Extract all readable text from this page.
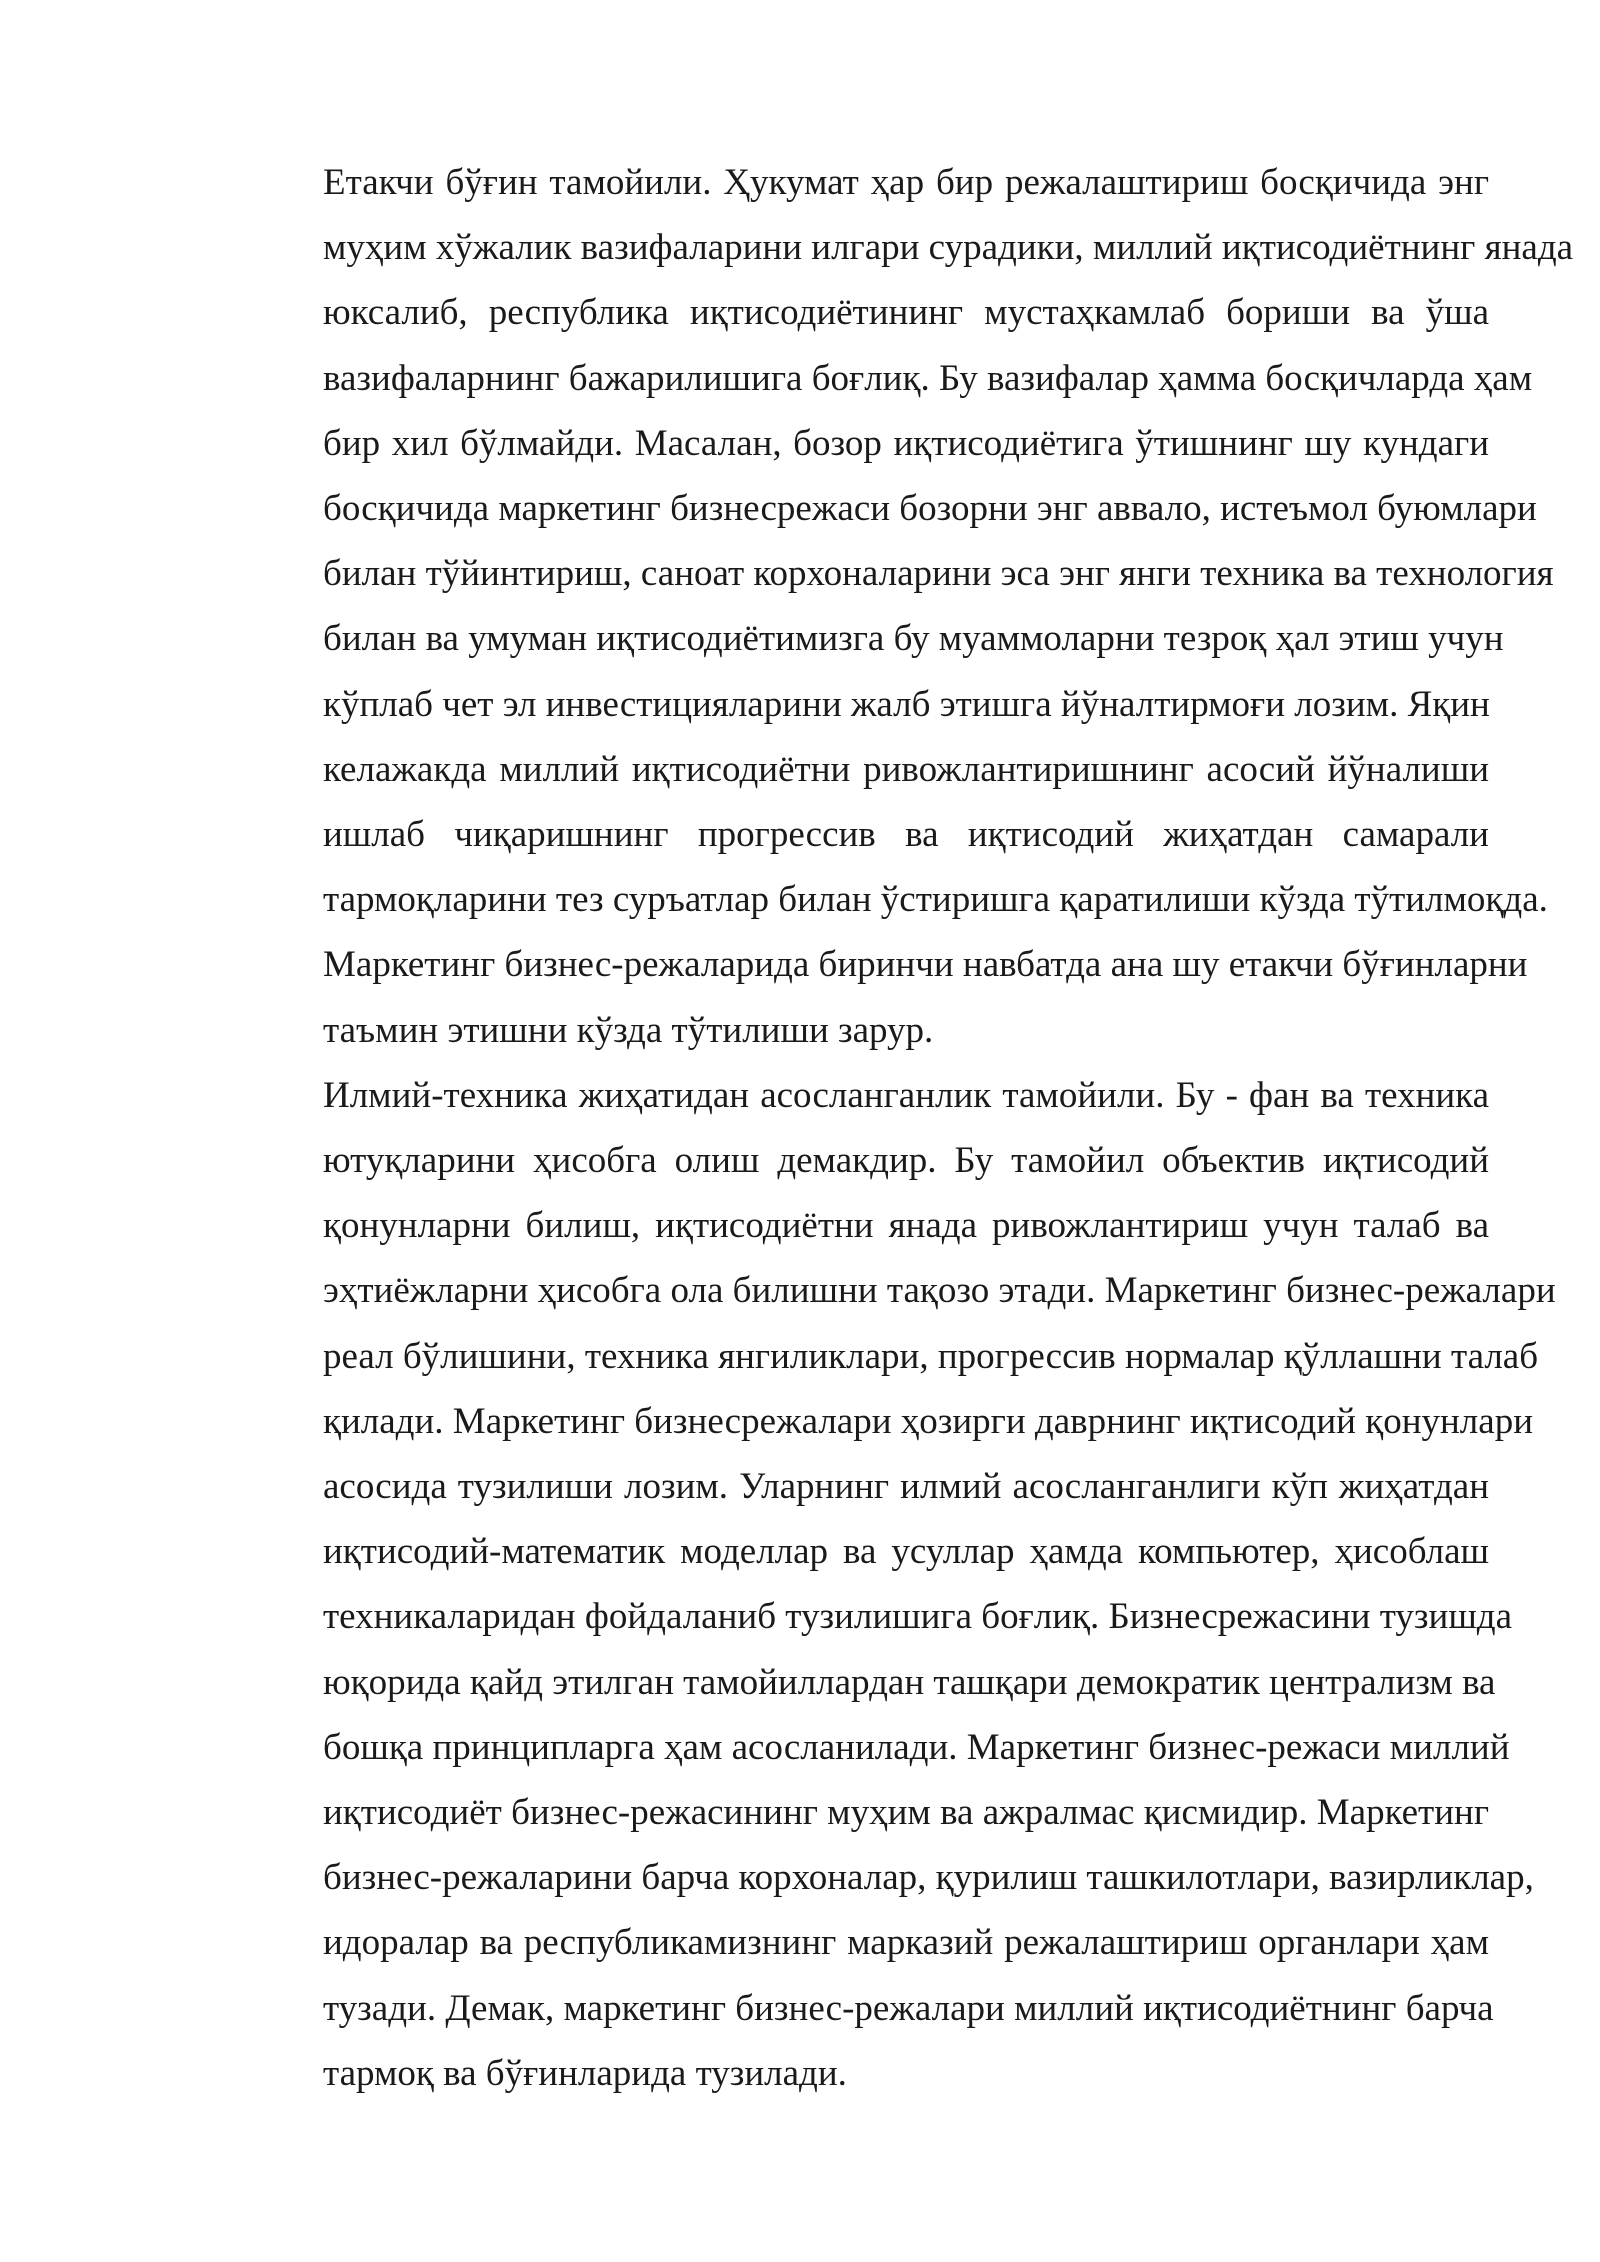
Етакчи бўғин тамойили. Ҳукумат ҳар бир режалаштириш босқичида энг
муҳим хўжалик вазифаларини илгари сурадики, миллий иқтисодиётнинг янада
юксалиб, республика иқтисодиётининг мустаҳкамлаб бориши ва ўша
вазифаларнинг бажарилишига боғлиқ. Бу вазифалар ҳамма босқичларда ҳам
бир хил бўлмайди. Масалан, бозор иқтисодиётига ўтишнинг шу кундаги
босқичида маркетинг бизнесрежаси бозорни энг аввало, истеъмол буюмлари
билан тўйинтириш, саноат корхоналарини эса энг янги техника ва технология
билан ва умуман иқтисодиётимизга бу муаммоларни тезроқ ҳал этиш учун
кўплаб чет эл инвестицияларини жалб этишга йўналтирмоғи лозим. Яқин
келажакда миллий иқтисодиётни ривожлантиришнинг асосий йўналиши
ишлаб чиқаришнинг прогрессив ва иқтисодий жиҳатдан самарали
тармоқларини тез суръатлар билан ўстиришга қаратилиши кўзда тўтилмоқда.
Маркетинг бизнес-режаларида биринчи навбатда ана шу етакчи бўғинларни
таъмин этишни кўзда тўтилиши зарур.

Илмий-техника жиҳатидан асосланганлик тамойили. Бу - фан ва техника
ютуқларини ҳисобга олиш демакдир. Бу тамойил объектив иқтисодий
қонунларни билиш, иқтисодиётни янада ривожлантириш учун талаб ва
эҳтиёжларни ҳисобга ола билишни тақозо этади. Маркетинг бизнес-режалари
реал бўлишини, техника янгиликлари, прогрессив нормалар қўллашни талаб
қилади. Маркетинг бизнесрежалари ҳозирги даврнинг иқтисодий қонунлари
асосида тузилиши лозим. Уларнинг илмий асосланганлиги кўп жиҳатдан
иқтисодий-математик моделлар ва усуллар ҳамда компьютер, ҳисоблаш
техникаларидан фойдаланиб тузилишига боғлиқ. Бизнесрежасини тузишда
юқорида қайд этилган тамойиллардан ташқари демократик централизм ва
бошқа принципларга ҳам асосланилади. Маркетинг бизнес-режаси миллий
иқтисодиёт бизнес-режасининг муҳим ва ажралмас қисмидир. Маркетинг
бизнес-режаларини барча корхоналар, қурилиш ташкилотлари, вазирликлар,
идоралар ва республикамизнинг марказий режалаштириш органлари ҳам
тузади. Демак, маркетинг бизнес-режалари миллий иқтисодиётнинг барча
тармоқ ва бўғинларида тузилади.
